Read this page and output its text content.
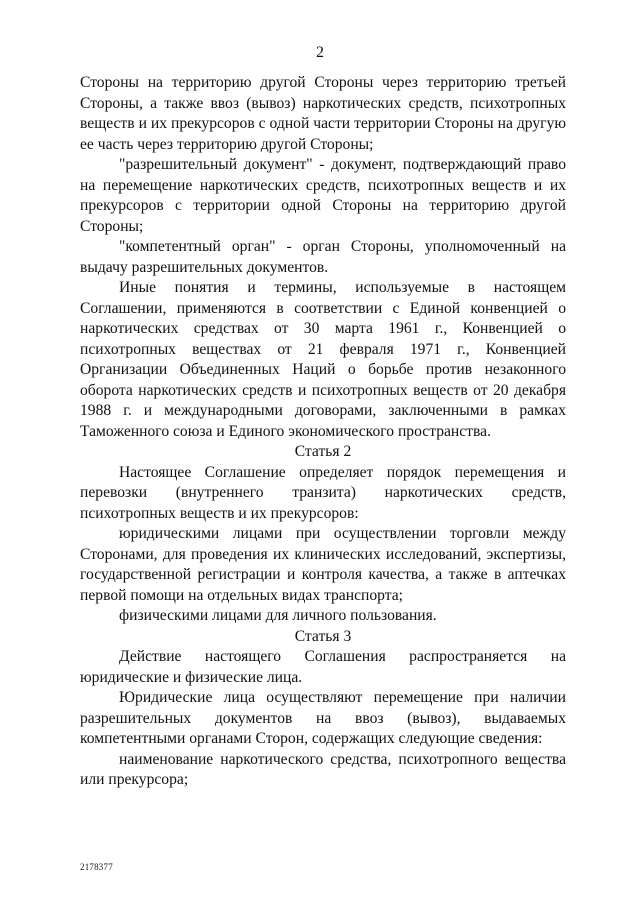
2

Стороны на территорию другой Стороны через территорию третьей Стороны, а также ввоз (вывоз) наркотических средств, психотропных веществ и их прекурсоров с одной части территории Стороны на другую ее часть через территорию другой Стороны;

"разрешительный документ" - документ, подтверждающий право на перемещение наркотических средств, психотропных веществ и их прекурсоров с территории одной Стороны на территорию другой Стороны;

"компетентный орган" - орган Стороны, уполномоченный на выдачу разрешительных документов.

Иные понятия и термины, используемые в настоящем Соглашении, применяются в соответствии с Единой конвенцией о наркотических средствах от 30 марта 1961 г., Конвенцией о психотропных веществах от 21 февраля 1971 г., Конвенцией Организации Объединенных Наций о борьбе против незаконного оборота наркотических средств и психотропных веществ от 20 декабря 1988 г. и международными договорами, заключенными в рамках Таможенного союза и Единого экономического пространства.

Статья 2

Настоящее Соглашение определяет порядок перемещения и перевозки (внутреннего транзита) наркотических средств, психотропных веществ и их прекурсоров:

юридическими лицами при осуществлении торговли между Сторонами, для проведения их клинических исследований, экспертизы, государственной регистрации и контроля качества, а также в аптечках первой помощи на отдельных видах транспорта;

физическими лицами для личного пользования.

Статья 3

Действие настоящего Соглашения распространяется на юридические и физические лица.

Юридические лица осуществляют перемещение при наличии разрешительных документов на ввоз (вывоз), выдаваемых компетентными органами Сторон, содержащих следующие сведения:

наименование наркотического средства, психотропного вещества или прекурсора;

2178377
